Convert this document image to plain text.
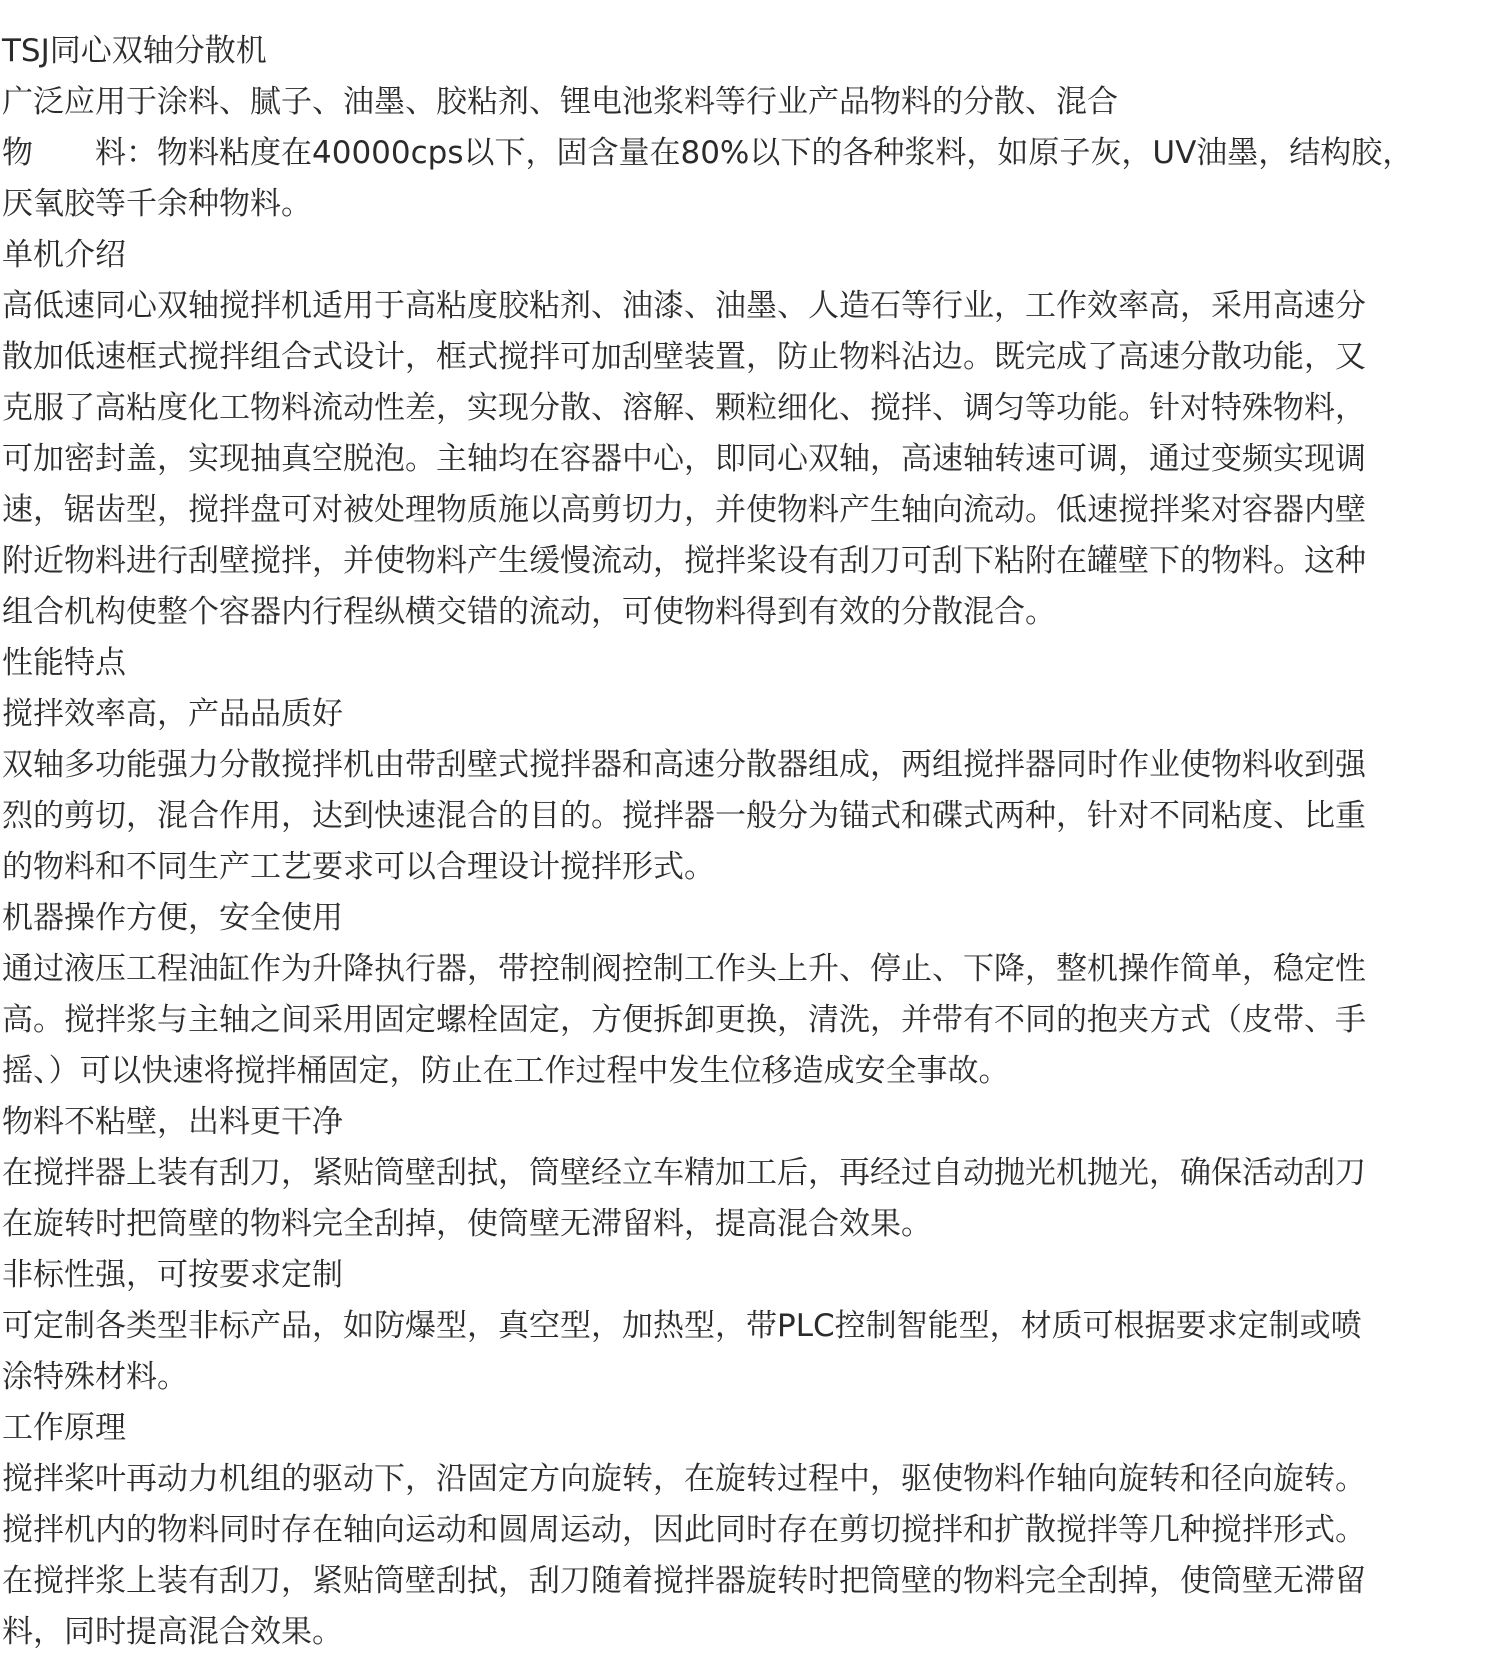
TSJ同心双轴分散机
广泛应用于涂料、腻子、油墨、胶粘剂、锂电池浆料等行业产品物料的分散、混合
物 料：物料粘度在40000cps以下，固含量在80%以下的各种浆料，如原子灰，UV油墨，结构胶，
厌氧胶等千余种物料。
单机介绍
高低速同心双轴搅拌机适用于高粘度胶粘剂、油漆、油墨、人造石等行业，工作效率高，采用高速分
散加低速框式搅拌组合式设计，框式搅拌可加刮壁装置，防止物料沾边。既完成了高速分散功能，又
克服了高粘度化工物料流动性差，实现分散、溶解、颗粒细化、搅拌、调匀等功能。针对特殊物料，
可加密封盖，实现抽真空脱泡。主轴均在容器中心，即同心双轴，高速轴转速可调，通过变频实现调
速，锯齿型，搅拌盘可对被处理物质施以高剪切力，并使物料产生轴向流动。低速搅拌桨对容器内壁
附近物料进行刮壁搅拌，并使物料产生缓慢流动，搅拌桨设有刮刀可刮下粘附在罐壁下的物料。这种
组合机构使整个容器内行程纵横交错的流动，可使物料得到有效的分散混合。
性能特点
搅拌效率高，产品品质好
双轴多功能强力分散搅拌机由带刮壁式搅拌器和高速分散器组成，两组搅拌器同时作业使物料收到强
烈的剪切，混合作用，达到快速混合的目的。搅拌器一般分为锚式和碟式两种，针对不同粘度、比重
的物料和不同生产工艺要求可以合理设计搅拌形式。
机器操作方便，安全使用
通过液压工程油缸作为升降执行器，带控制阀控制工作头上升、停止、下降，整机操作简单，稳定性
高。搅拌浆与主轴之间采用固定螺栓固定，方便拆卸更换，清洗，并带有不同的抱夹方式（皮带、手
摇、）可以快速将搅拌桶固定，防止在工作过程中发生位移造成安全事故。
物料不粘壁，出料更干净
在搅拌器上装有刮刀，紧贴筒壁刮拭，筒壁经立车精加工后，再经过自动抛光机抛光，确保活动刮刀
在旋转时把筒壁的物料完全刮掉，使筒壁无滞留料，提高混合效果。
非标性强，可按要求定制
可定制各类型非标产品，如防爆型，真空型，加热型，带PLC控制智能型，材质可根据要求定制或喷
涂特殊材料。
工作原理
搅拌桨叶再动力机组的驱动下，沿固定方向旋转，在旋转过程中，驱使物料作轴向旋转和径向旋转。
搅拌机内的物料同时存在轴向运动和圆周运动，因此同时存在剪切搅拌和扩散搅拌等几种搅拌形式。
在搅拌浆上装有刮刀，紧贴筒壁刮拭，刮刀随着搅拌器旋转时把筒壁的物料完全刮掉，使筒壁无滞留
料，同时提高混合效果。
